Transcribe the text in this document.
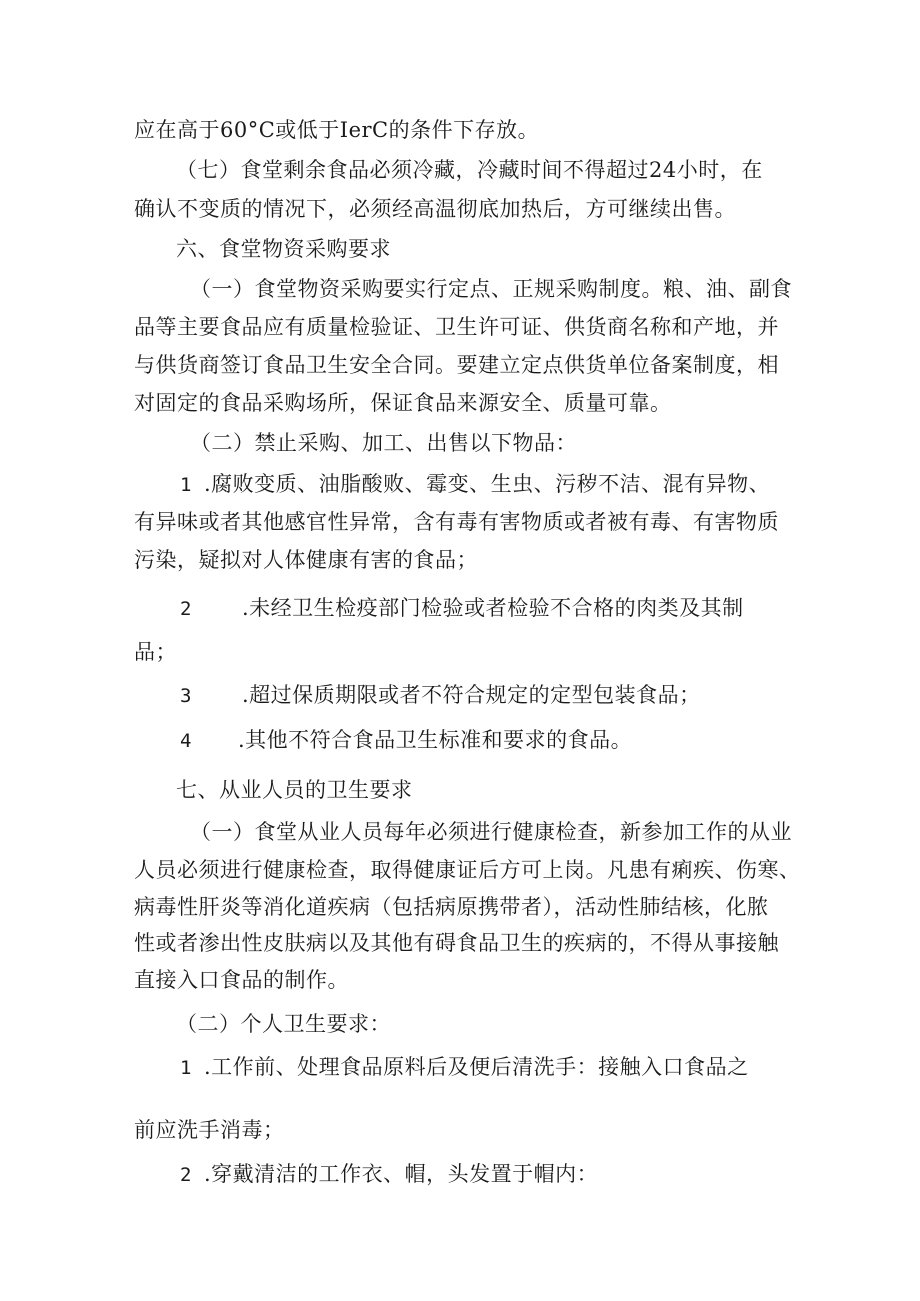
应在高于60°C或低于IerC的条件下存放。
（七）食堂剩余食品必须冷藏，冷藏时间不得超过24小时，在
确认不变质的情况下，必须经高温彻底加热后，方可继续出售。
六、食堂物资采购要求
（一）食堂物资采购要实行定点、正规采购制度。粮、油、副食
品等主要食品应有质量检验证、卫生许可证、供货商名称和产地，并
与供货商签订食品卫生安全合同。要建立定点供货单位备案制度，相
对固定的食品采购场所，保证食品来源安全、质量可靠。
（二）禁止采购、加工、出售以下物品：
1 .腐败变质、油脂酸败、霉变、生虫、污秽不洁、混有异物、
有异味或者其他感官性异常，含有毒有害物质或者被有毒、有害物质
污染，疑拟对人体健康有害的食品；
2 .未经卫生检疫部门检验或者检验不合格的肉类及其制
品；
3 .超过保质期限或者不符合规定的定型包装食品；
4 .其他不符合食品卫生标准和要求的食品。
七、从业人员的卫生要求
（一）食堂从业人员每年必须进行健康检查，新参加工作的从业
人员必须进行健康检查，取得健康证后方可上岗。凡患有痢疾、伤寒、
病毒性肝炎等消化道疾病（包括病原携带者），活动性肺结核，化脓
性或者渗出性皮肤病以及其他有碍食品卫生的疾病的，不得从事接触
直接入口食品的制作。
（二）个人卫生要求：
1 .工作前、处理食品原料后及便后清洗手：接触入口食品之
前应洗手消毒；
2 .穿戴清洁的工作衣、帽，头发置于帽内：
